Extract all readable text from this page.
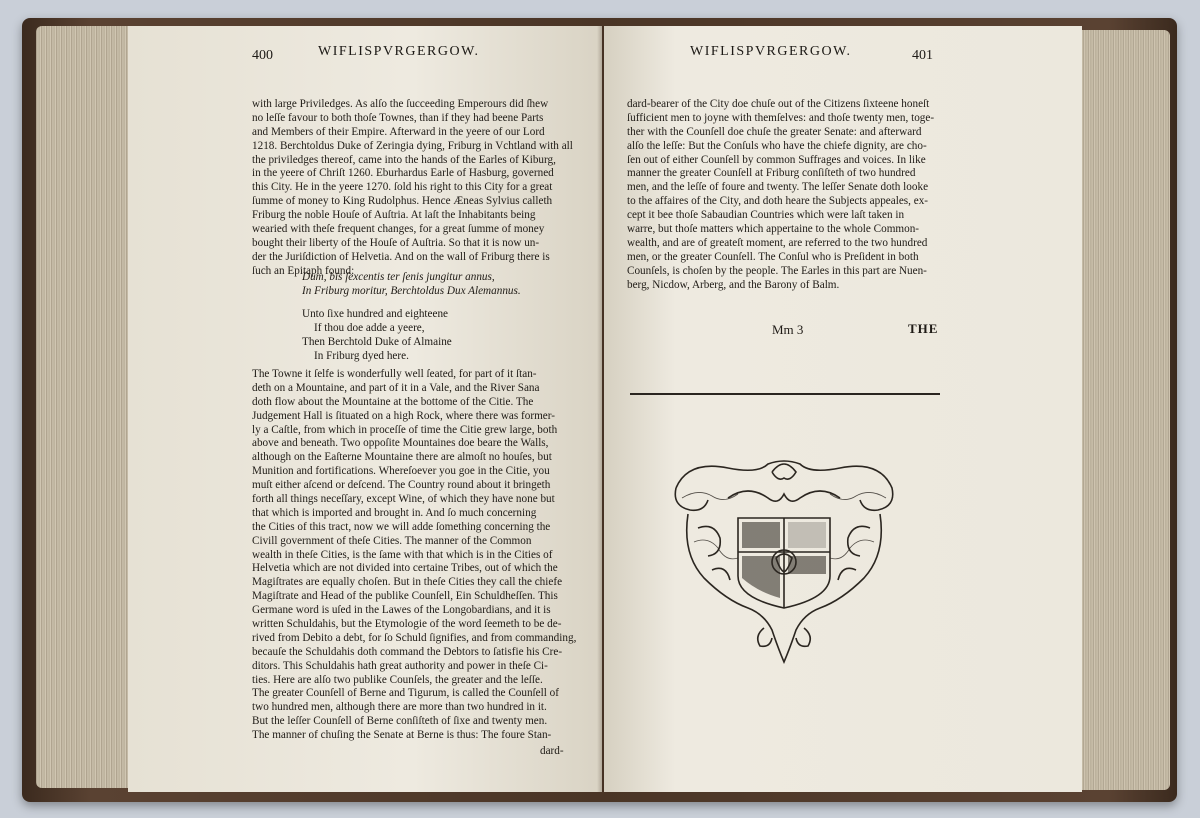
400	WIFLISPVRGERGOW.
with large Priviledges. As alſo the ſucceeding Emperours did ſhew
no leſſe favour to both thoſe Townes, than if they had beene Parts
and Members of their Empire. Afterward in the yeere of our Lord
1218. Berchtoldus Duke of Zeringia dying, Friburg in Vchtland with all
the priviledges thereof, came into the hands of the Earles of Kiburg,
in the yeere of Chriſt 1260. Eburhardus Earle of Hasburg, governed
this City. He in the yeere 1270. ſold his right to this City for a great
ſumme of money to King Rudolphus. Hence Æneas Sylvius calleth
Friburg the noble Houſe of Auſtria. At laſt the Inhabitants being
wearied with theſe frequent changes, for a great ſumme of money
bought their liberty of the Houſe of Auſtria. So that it is now un-
der the Juriſdiction of Helvetia. And on the wall of Friburg there is
ſuch an Epitaph found:
Dum, bis ſexcentis ter ſenis jungitur annus,
In Friburg moritur, Berchtoldus Dux Alemannus.
Unto ſixe hundred and eighteene
If thou doe adde a yeere,
Then Berchtold Duke of Almaine
In Friburg dyed here.
The Towne it ſelfe is wonderfully well ſeated, for part of it ſtan-
deth on a Mountaine, and part of it in a Vale, and the River Sana
doth flow about the Mountaine at the bottome of the Citie. The
Judgement Hall is ſituated on a high Rock, where there was former-
ly a Caſtle, from which in proceſſe of time the Citie grew large, both
above and beneath. Two oppoſite Mountaines doe beare the Walls,
although on the Eaſterne Mountaine there are almoſt no houſes, but
Munition and fortifications. Whereſoever you goe in the Citie, you
muſt either aſcend or deſcend. The Country round about it bringeth
forth all things neceſſary, except Wine, of which they have none but
that which is imported and brought in. And ſo much concerning
the Cities of this tract, now we will adde ſomething concerning the
Civill government of theſe Cities. The manner of the Common
wealth in theſe Cities, is the ſame with that which is in the Cities of
Helvetia which are not divided into certaine Tribes, out of which the
Magiſtrates are equally choſen. But in theſe Cities they call the chiefe
Magiſtrate and Head of the publike Counſell, Ein Schuldheſſen. This
Germane word is uſed in the Lawes of the Longobardians, and it is
written Schuldahis, but the Etymologie of the word ſeemeth to be de-
rived from Debito a debt, for ſo Schuld ſignifies, and from commanding,
becauſe the Schuldahis doth command the Debtors to ſatisfie his Cre-
ditors. This Schuldahis hath great authority and power in theſe Ci-
ties. Here are alſo two publike Counſels, the greater and the leſſe.
The greater Counſell of Berne and Tigurum, is called the Counſell of
two hundred men, although there are more than two hundred in it.
But the leſſer Counſell of Berne conſiſteth of ſixe and twenty men.
The manner of chuſing the Senate at Berne is thus: The foure Stan-
dard-
WIFLISPVRGERGOW.	401
dard-bearer of the City doe chuſe out of the Citizens ſixteene honeſt
ſufficient men to joyne with themſelves: and thoſe twenty men, toge-
ther with the Counſell doe chuſe the greater Senate: and afterward
alſo the leſſe: But the Conſuls who have the chiefe dignity, are cho-
ſen out of either Counſell by common Suffrages and voices. In like
manner the greater Counſell at Friburg conſiſteth of two hundred
men, and the leſſe of foure and twenty. The leſſer Senate doth looke
to the affaires of the City, and doth heare the Subjects appeales, ex-
cept it bee thoſe Sabaudian Countries which were laſt taken in
warre, but thoſe matters which appertaine to the whole Common-
wealth, and are of greateſt moment, are referred to the two hundred
men, or the greater Counſell. The Conſul who is Preſident in both
Counſels, is choſen by the people. The Earles in this part are Nuen-
berg, Nicdow, Arberg, and the Barony of Balm.
Mm 3	THE
